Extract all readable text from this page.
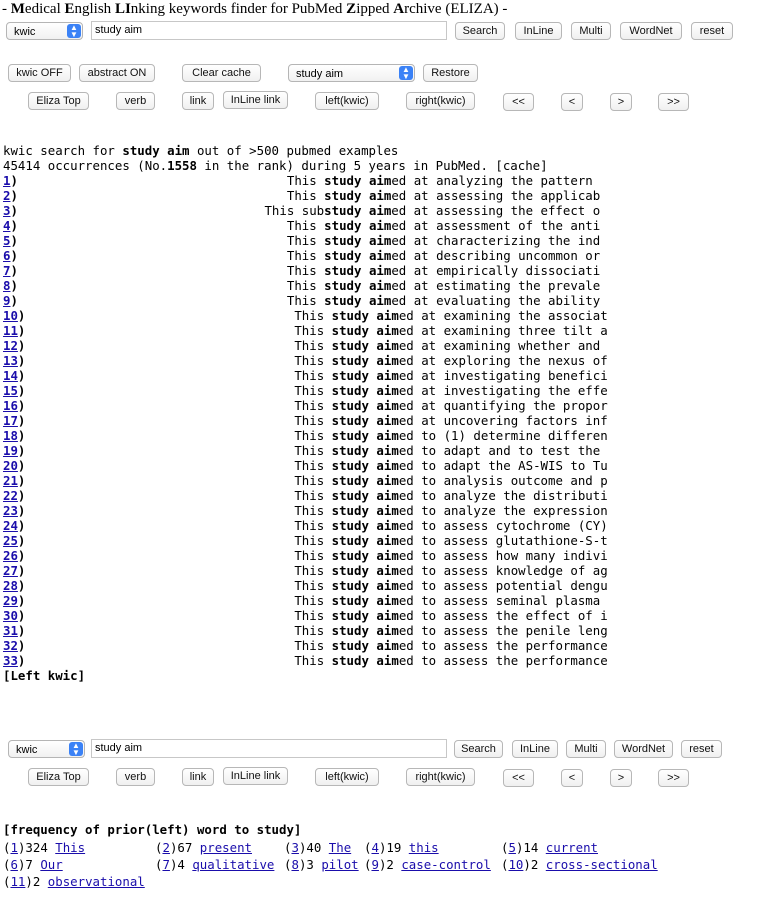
- Medical English LInking keywords finder for PubMed Zipped Archive (ELIZA) -
kwic	▲
▼	study aim	Search	InLine	Multi	WordNet	reset
kwic OFF	abstract ON	Clear cache	study aim	▲
▼	Restore
Eliza Top	verb	link	InLine link	left(kwic)	right(kwic)	<<	<	>	>>
kwic search for study aim out of >500 pubmed examples
45414 occurrences (No.1558 in the rank) during 5 years in PubMed. [cache]
1)	This study aimed at analyzing the pattern
2)	This study aimed at assessing the applicab
3)	This substudy aimed at assessing the effect o
4)	This study aimed at assessment of the anti
5)	This study aimed at characterizing the ind
6)	This study aimed at describing uncommon or
7)	This study aimed at empirically dissociati
8)	This study aimed at estimating the prevale
9)	This study aimed at evaluating the ability
10)	This study aimed at examining the associat
11)	This study aimed at examining three tilt a
12)	This study aimed at examining whether and
13)	This study aimed at exploring the nexus of
14)	This study aimed at investigating benefici
15)	This study aimed at investigating the effe
16)	This study aimed at quantifying the propor
17)	This study aimed at uncovering factors inf
18)	This study aimed to (1) determine differen
19)	This study aimed to adapt and to test the
20)	This study aimed to adapt the AS-WIS to Tu
21)	This study aimed to analysis outcome and p
22)	This study aimed to analyze the distributi
23)	This study aimed to analyze the expression
24)	This study aimed to assess cytochrome (CY)
25)	This study aimed to assess glutathione-S-t
26)	This study aimed to assess how many indivi
27)	This study aimed to assess knowledge of ag
28)	This study aimed to assess potential dengu
29)	This study aimed to assess seminal plasma
30)	This study aimed to assess the effect of i
31)	This study aimed to assess the penile leng
32)	This study aimed to assess the performance
33)	This study aimed to assess the performance
[Left kwic]
kwic	▲
▼	study aim	Search	InLine	Multi	WordNet	reset
Eliza Top	verb	link	InLine link	left(kwic)	right(kwic)	<<	<	>	>>
[frequency of prior(left) word to study]
(1)324 This	(2)67 present	(3)40 The (4)19 this	(5)14 current
(6)7 Our	(7)4 qualitative (8)3 pilot (9)2 case-control (10)2 cross-sectional
(11)2 observational
